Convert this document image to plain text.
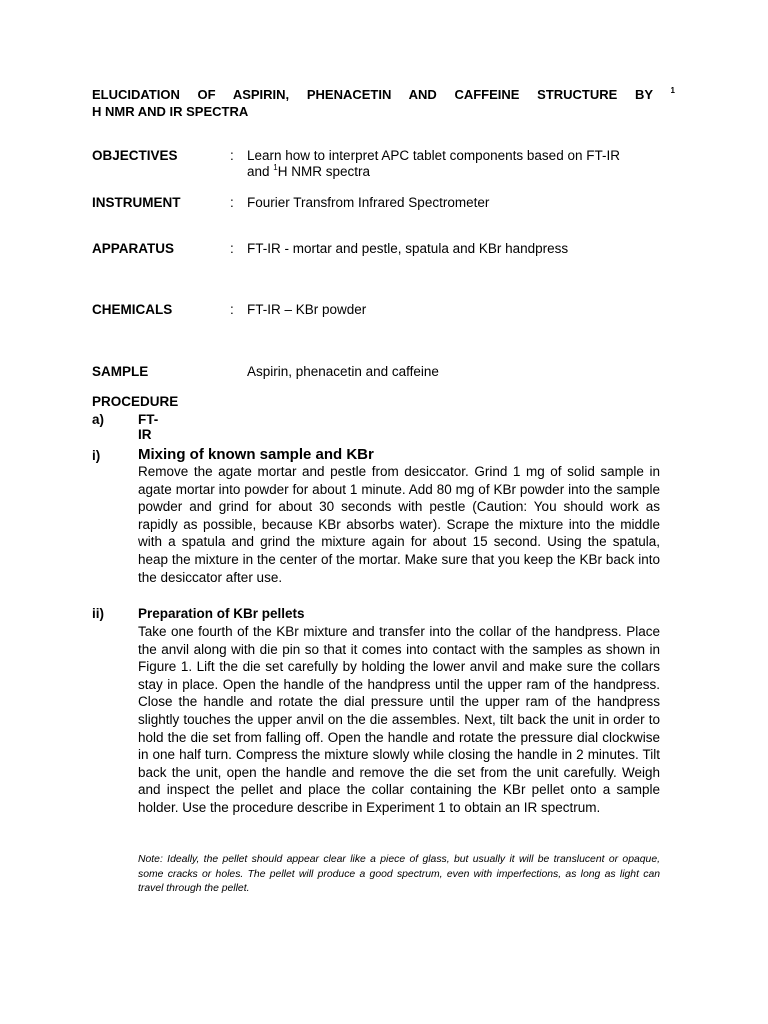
ELUCIDATION OF ASPIRIN, PHENACETIN AND CAFFEINE STRUCTURE BY $^1$
H NMR AND IR SPECTRA
OBJECTIVES	: Learn how to interpret APC tablet components based on FT-IR
and $^1$H NMR spectra
INSTRUMENT	: Fourier Transfrom Infrared Spectrometer
APPARATUS	: FT-IR - mortar and pestle, spatula and KBr handpress
CHEMICALS	: FT-IR – KBr powder
SAMPLE	Aspirin, phenacetin and caffeine
PROCEDURE
a)	FT-IR
i)	Mixing of known sample and KBr
Remove the agate mortar and pestle from desiccator. Grind 1 mg of solid sample in agate mortar into powder for about 1 minute. Add 80 mg of KBr powder into the sample powder and grind for about 30 seconds with pestle (Caution: You should work as rapidly as possible, because KBr absorbs water). Scrape the mixture into the middle with a spatula and grind the mixture again for about 15 second. Using the spatula, heap the mixture in the center of the mortar. Make sure that you keep the KBr back into the desiccator after use.
ii)	Preparation of KBr pellets
Take one fourth of the KBr mixture and transfer into the collar of the handpress. Place the anvil along with die pin so that it comes into contact with the samples as shown in Figure 1. Lift the die set carefully by holding the lower anvil and make sure the collars stay in place. Open the handle of the handpress until the upper ram of the handpress. Close the handle and rotate the dial pressure until the upper ram of the handpress slightly touches the upper anvil on the die assembles. Next, tilt back the unit in order to hold the die set from falling off. Open the handle and rotate the pressure dial clockwise in one half turn. Compress the mixture slowly while closing the handle in 2 minutes. Tilt back the unit, open the handle and remove the die set from the unit carefully. Weigh and inspect the pellet and place the collar containing the KBr pellet onto a sample holder. Use the procedure describe in Experiment 1 to obtain an IR spectrum.
Note: Ideally, the pellet should appear clear like a piece of glass, but usually it will be translucent or opaque, some cracks or holes. The pellet will produce a good spectrum, even with imperfections, as long as light can travel through the pellet.
